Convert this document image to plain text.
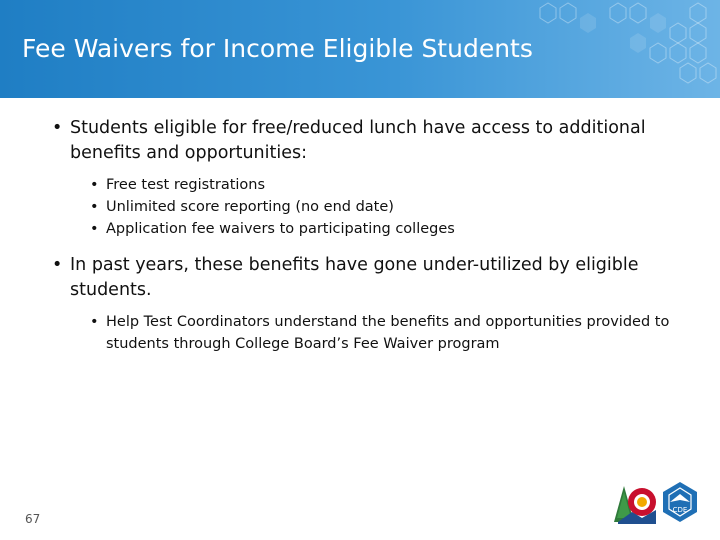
Fee Waivers for Income Eligible Students
• Students eligible for free/reduced lunch have access to additional benefits and opportunities:
• Free test registrations
• Unlimited score reporting (no end date)
• Application fee waivers to participating colleges
• In past years, these benefits have gone under-utilized by eligible students.
• Help Test Coordinators understand the benefits and opportunities provided to students through College Board’s Fee Waiver program
67
CDE
